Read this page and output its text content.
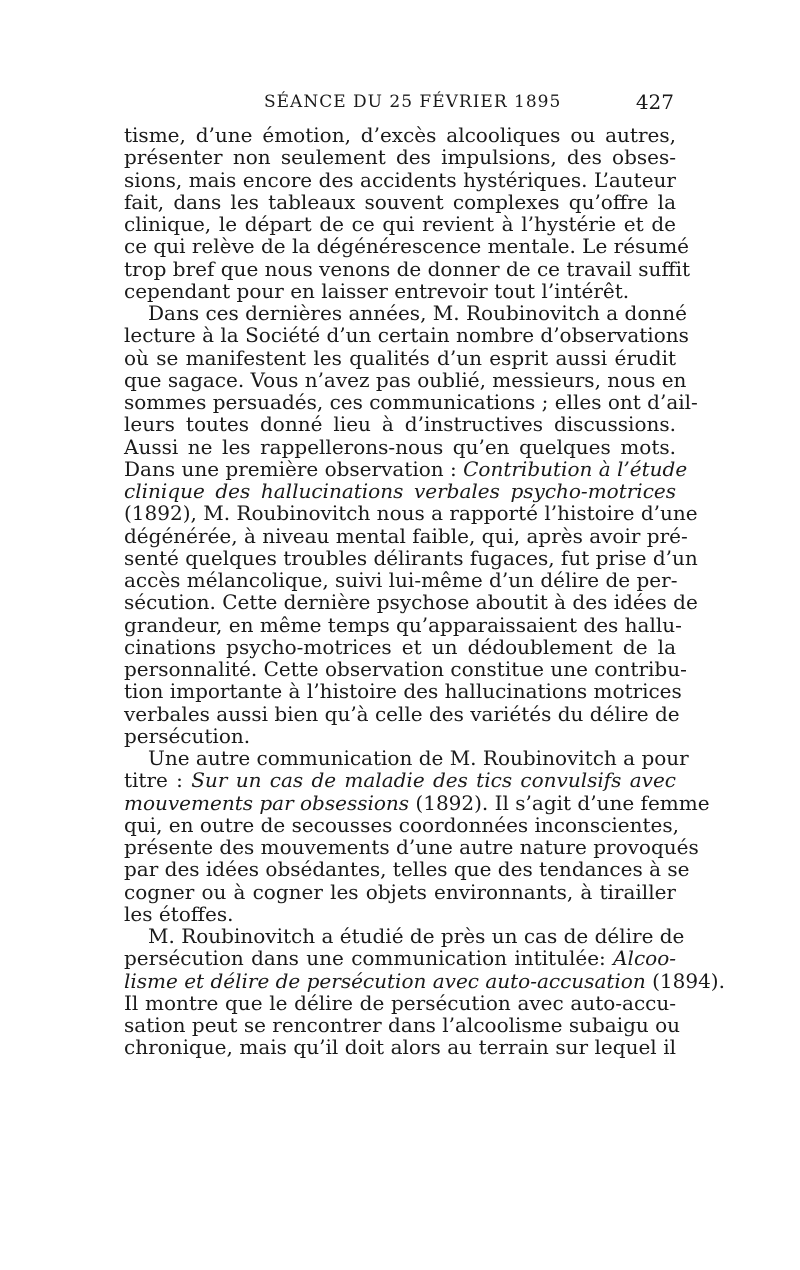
SÉANCE DU 25 FÉVRIER 1895	427
tisme, d’une émotion, d’excès alcooliques ou autres,
présenter non seulement des impulsions, des obses-
sions, mais encore des accidents hystériques. L’auteur
fait, dans les tableaux souvent complexes qu’offre la
clinique, le départ de ce qui revient à l’hystérie et de
ce qui relève de la dégénérescence mentale. Le résumé
trop bref que nous venons de donner de ce travail suffit
cependant pour en laisser entrevoir tout l’intérêt.
Dans ces dernières années, M. Roubinovitch a donné
lecture à la Société d’un certain nombre d’observations
où se manifestent les qualités d’un esprit aussi érudit
que sagace. Vous n’avez pas oublié, messieurs, nous en
sommes persuadés, ces communications ; elles ont d’ail-
leurs toutes donné lieu à d’instructives discussions.
Aussi ne les rappellerons-nous qu’en quelques mots.
Dans une première observation : Contribution à l’étude
clinique des hallucinations verbales psycho-motrices
(1892), M. Roubinovitch nous a rapporté l’histoire d’une
dégénérée, à niveau mental faible, qui, après avoir pré-
senté quelques troubles délirants fugaces, fut prise d’un
accès mélancolique, suivi lui-même d’un délire de per-
sécution. Cette dernière psychose aboutit à des idées de
grandeur, en même temps qu’apparaissaient des hallu-
cinations psycho-motrices et un dédoublement de la
personnalité. Cette observation constitue une contribu-
tion importante à l’histoire des hallucinations motrices
verbales aussi bien qu’à celle des variétés du délire de
persécution.
Une autre communication de M. Roubinovitch a pour
titre : Sur un cas de maladie des tics convulsifs avec
mouvements par obsessions (1892). Il s’agit d’une femme
qui, en outre de secousses coordonnées inconscientes,
présente des mouvements d’une autre nature provoqués
par des idées obsédantes, telles que des tendances à se
cogner ou à cogner les objets environnants, à tirailler
les étoffes.
M. Roubinovitch a étudié de près un cas de délire de
persécution dans une communication intitulée: Alcoo-
lisme et délire de persécution avec auto-accusation (1894).
Il montre que le délire de persécution avec auto-accu-
sation peut se rencontrer dans l’alcoolisme subaigu ou
chronique, mais qu’il doit alors au terrain sur lequel il
